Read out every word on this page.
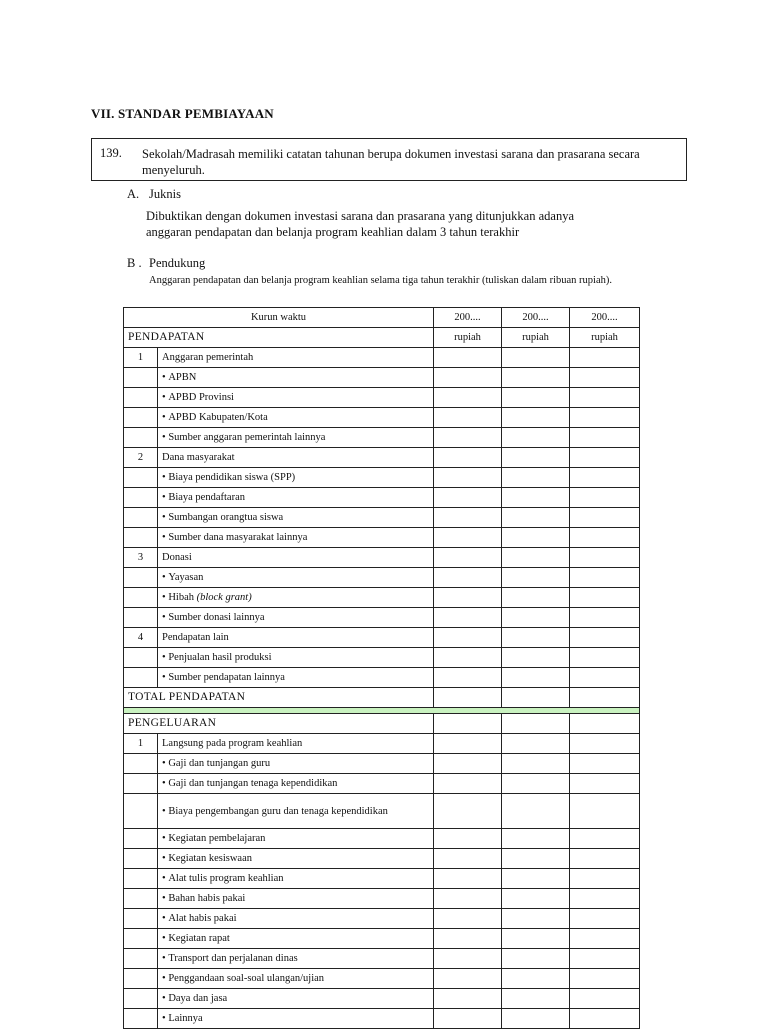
VII. STANDAR PEMBIAYAAN
139. Sekolah/Madrasah memiliki catatan tahunan berupa dokumen investasi sarana dan prasarana secara menyeluruh.
A. Juknis
Dibuktikan dengan dokumen investasi sarana dan prasarana yang ditunjukkan adanya anggaran pendapatan dan belanja program keahlian dalam 3 tahun terakhir
B . Pendukung
Anggaran pendapatan dan belanja program keahlian selama tiga tahun terakhir (tuliskan dalam ribuan rupiah).
Kurun waktu		200....	200....	200....
PENDAPATAN		rupiah	rupiah	rupiah
1	Anggaran pemerintah			
	• APBN			
	• APBD Provinsi			
	• APBD Kabupaten/Kota			
	• Sumber anggaran pemerintah lainnya			
2	Dana masyarakat			
	• Biaya pendidikan siswa (SPP)			
	• Biaya pendaftaran			
	• Sumbangan orangtua siswa			
	• Sumber dana masyarakat lainnya			
3	Donasi			
	• Yayasan			
	• Hibah (block grant)			
	• Sumber donasi lainnya			
4	Pendapatan lain			
	• Penjualan hasil produksi			
	• Sumber pendapatan lainnya			
TOTAL PENDAPATAN				

PENGELUARAN				
1	Langsung pada program keahlian			
	• Gaji dan tunjangan guru			
	• Gaji dan tunjangan tenaga kependidikan			
	• Biaya pengembangan guru dan tenaga kependidikan			
	• Kegiatan pembelajaran			
	• Kegiatan kesiswaan			
	• Alat tulis program keahlian			
	• Bahan habis pakai			
	• Alat habis pakai			
	• Kegiatan rapat			
	• Transport dan perjalanan dinas			
	• Penggandaan soal-soal ulangan/ujian			
	• Daya dan jasa			
	• Lainnya			
